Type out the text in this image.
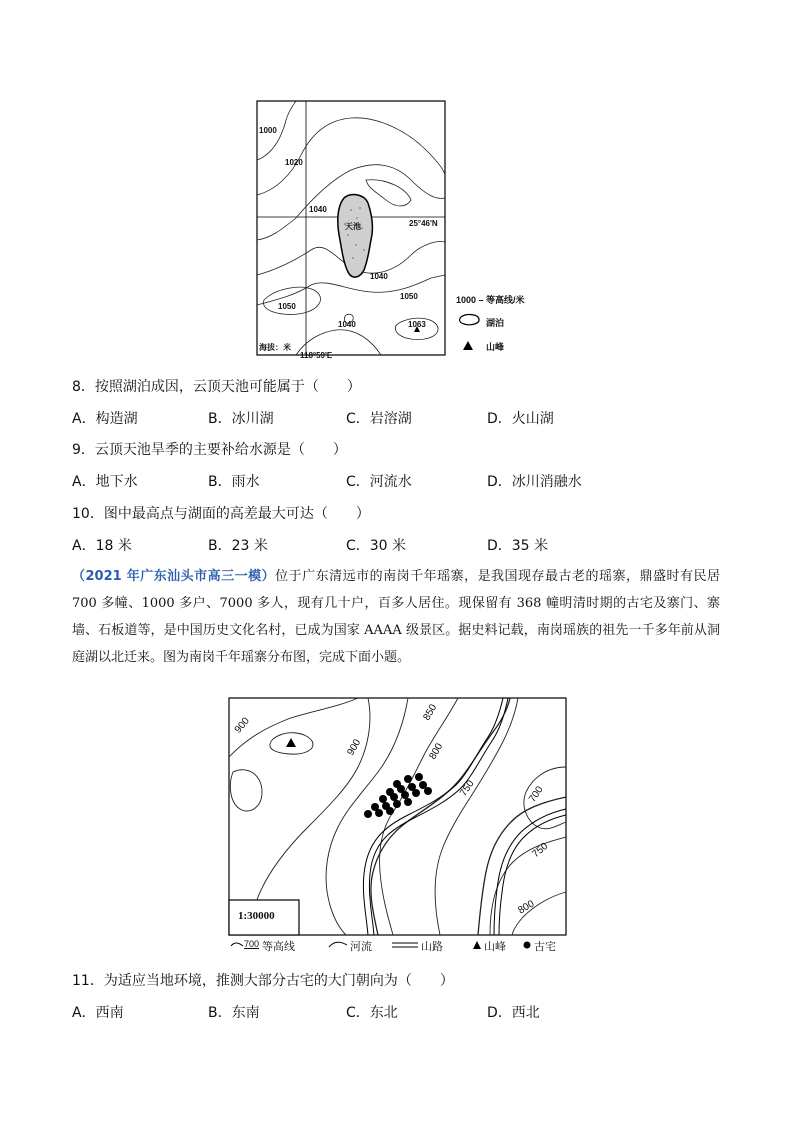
1000
1020
1040
1040
1050
1050
1040	1063
天池	25°46'N
海拔：米
118°59'E
1000 – 等高线/米
湖泊
山峰
8．按照湖泊成因，云顶天池可能属于（　　）
A．构造湖	B．冰川湖	C．岩溶湖	D．火山湖
9．云顶天池旱季的主要补给水源是（　　）
A．地下水	B．雨水	C．河流水	D．冰川消融水
10．图中最高点与湖面的高差最大可达（　　）
A．18 米	B．23 米	C．30 米	D．35 米
（2021 年广东汕头市高三一模）位于广东清远市的南岗千年瑶寨，是我国现存最古老的瑶寨，鼎盛时有民居 700 多幢、1000 多户、7000 多人，现有几十户，百多人居住。现保留有 368 幢明清时期的古宅及寨门、寨墙、石板道等，是中国历史文化名村，已成为国家 AAAA 级景区。据史料记载，南岗瑶族的祖先一千多年前从洞庭湖以北迁来。图为南岗千年瑶寨分布图，完成下面小题。
900
900
850
800
750	700
750
800
1:30000
700 等高线	河流	山路	山峰	古宅
11．为适应当地环境，推测大部分古宅的大门朝向为（　　）
A．西南	B．东南	C．东北	D．西北
